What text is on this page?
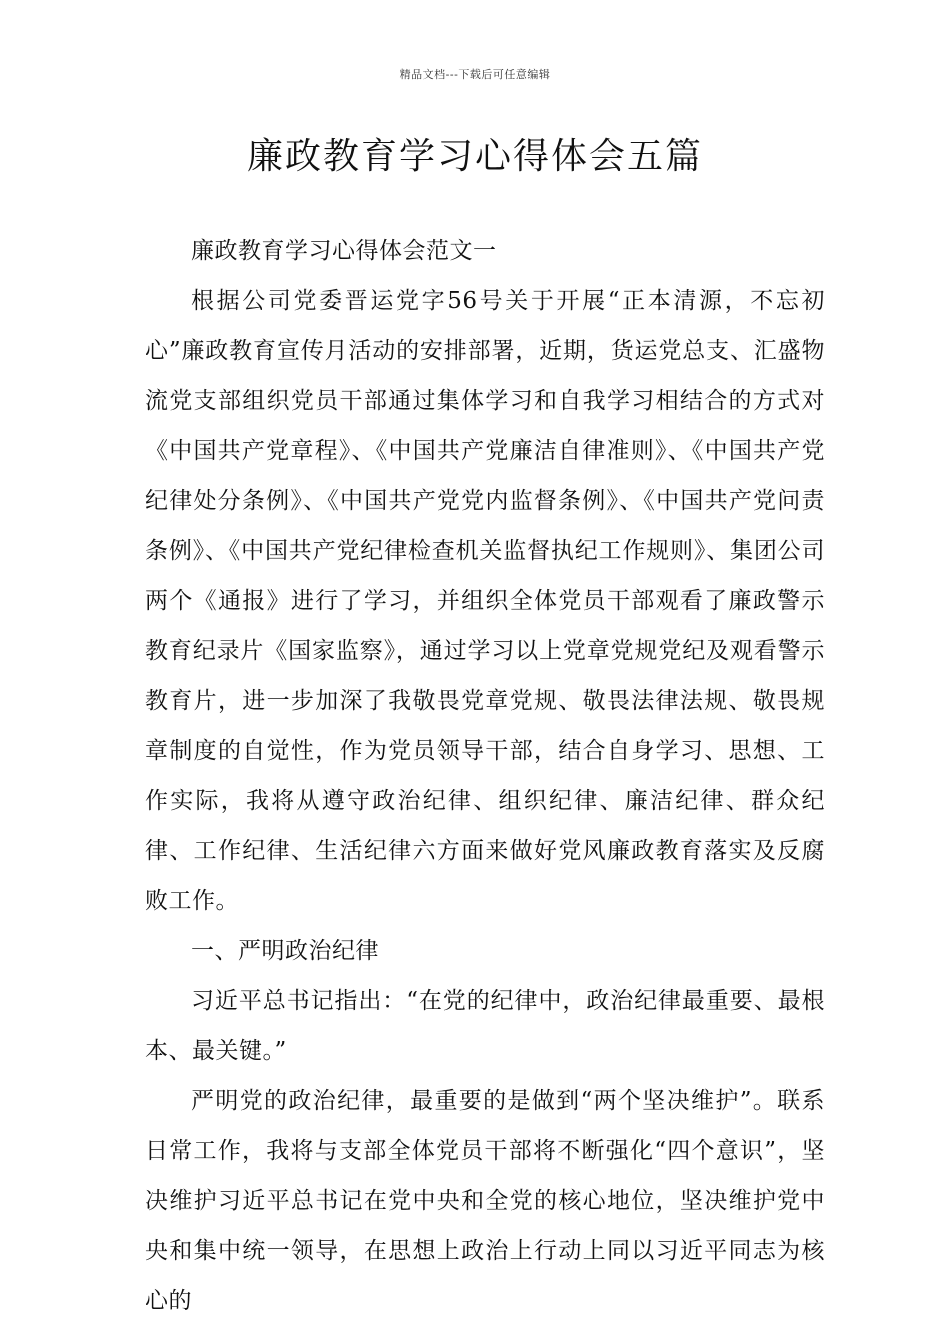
精品文档---下载后可任意编辑
廉政教育学习心得体会五篇

廉政教育学习心得体会范文一

根据公司党委晋运党字56号关于开展“正本清源，不忘初心”廉政教育宣传月活动的安排部署，近期，货运党总支、汇盛物流党支部组织党员干部通过集体学习和自我学习相结合的方式对《中国共产党章程》、《中国共产党廉洁自律准则》、《中国共产党纪律处分条例》、《中国共产党党内监督条例》、《中国共产党问责条例》、《中国共产党纪律检查机关监督执纪工作规则》、集团公司两个《通报》进行了学习，并组织全体党员干部观看了廉政警示教育纪录片《国家监察》，通过学习以上党章党规党纪及观看警示教育片，进一步加深了我敬畏党章党规、敬畏法律法规、敬畏规章制度的自觉性，作为党员领导干部，结合自身学习、思想、工作实际，我将从遵守政治纪律、组织纪律、廉洁纪律、群众纪律、工作纪律、生活纪律六方面来做好党风廉政教育落实及反腐败工作。

一、严明政治纪律

习近平总书记指出：“在党的纪律中，政治纪律最重要、最根本、最关键。”

严明党的政治纪律，最重要的是做到“两个坚决维护”。联系日常工作，我将与支部全体党员干部将不断强化“四个意识”，坚决维护习近平总书记在党中央和全党的核心地位，坚决维护党中央和集中统一领导，在思想上政治上行动上同以习近平同志为核心的
